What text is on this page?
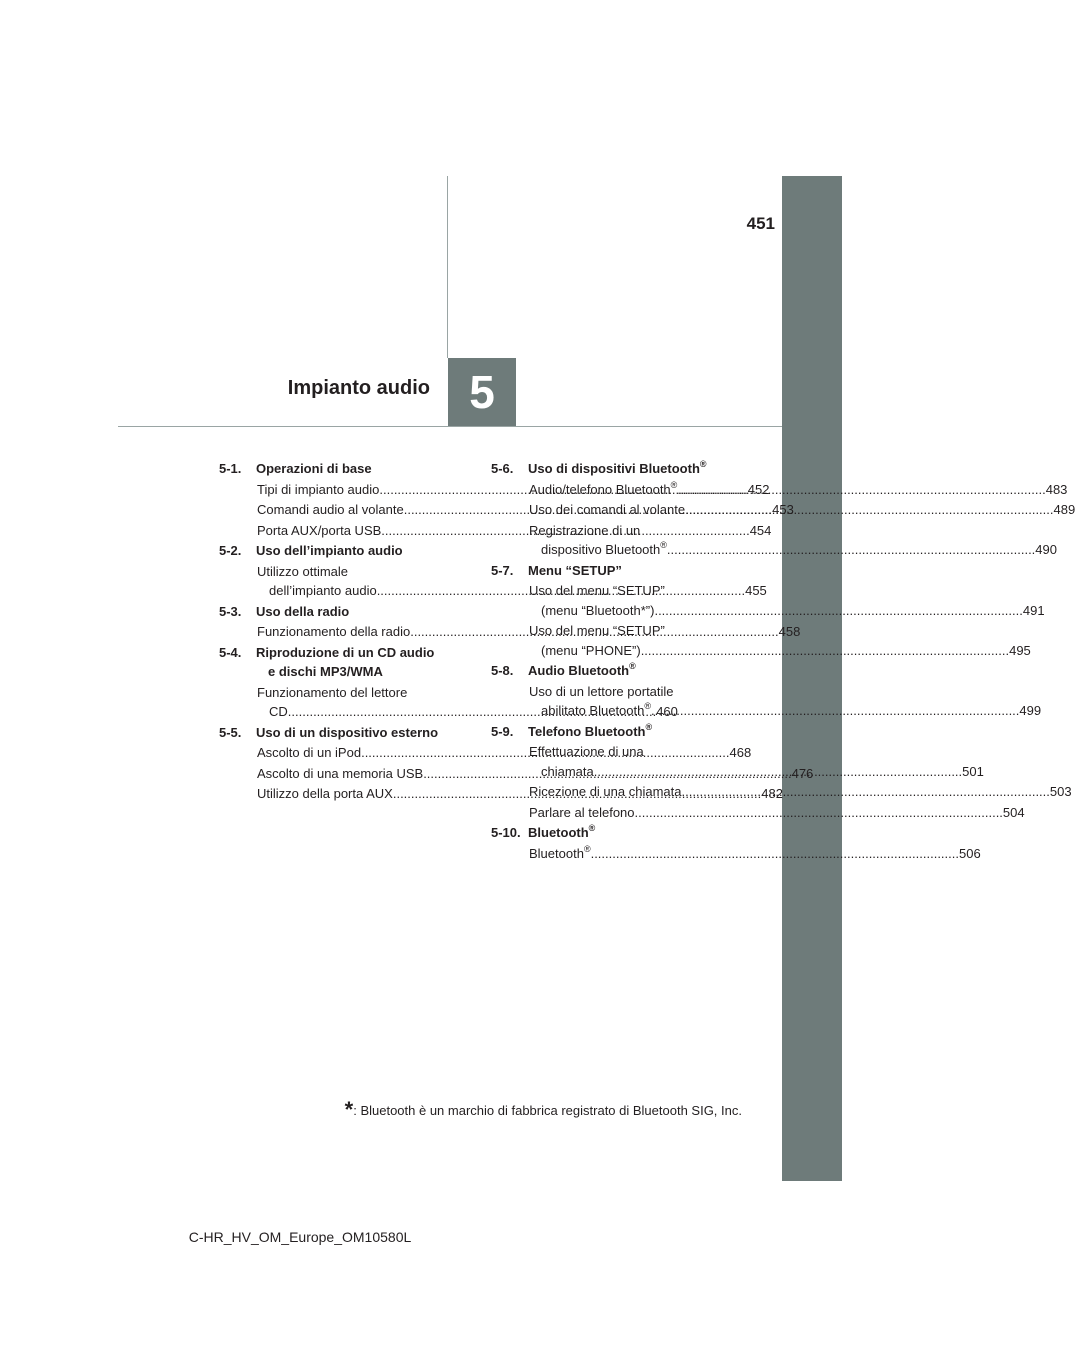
451
5
Impianto audio
5-1. Operazioni di base
Tipi di impianto audio .....	452
Comandi audio al volante .....	453
Porta AUX/porta USB .....	454
5-2. Uso dell’impianto audio
Utilizzo ottimale
dell’impianto audio .....	455
5-3. Uso della radio
Funzionamento della radio .....	458
5-4. Riproduzione di un CD audio
e dischi MP3/WMA
Funzionamento del lettore
CD .....	460
5-5. Uso di un dispositivo esterno
Ascolto di un iPod .....	468
Ascolto di una memoria USB .....	476
Utilizzo della porta AUX .....	482
5-6. Uso di dispositivi Bluetooth®
Audio/telefono Bluetooth® .....	483
Uso dei comandi al volante .....	489
Registrazione di un
dispositivo Bluetooth® .....	490
5-7. Menu “SETUP”
Uso del menu “SETUP”
(menu “Bluetooth*”) .....	491
Uso del menu “SETUP”
(menu “PHONE”) .....	495
5-8. Audio Bluetooth®
Uso di un lettore portatile
abilitato Bluetooth® .....	499
5-9. Telefono Bluetooth®
Effettuazione di una
chiamata .....	501
Ricezione di una chiamata .....	503
Parlare al telefono .....	504
5-10. Bluetooth®
Bluetooth® .....	506
*: Bluetooth è un marchio di fabbrica registrato di Bluetooth SIG, Inc.
C-HR_HV_OM_Europe_OM10580L
